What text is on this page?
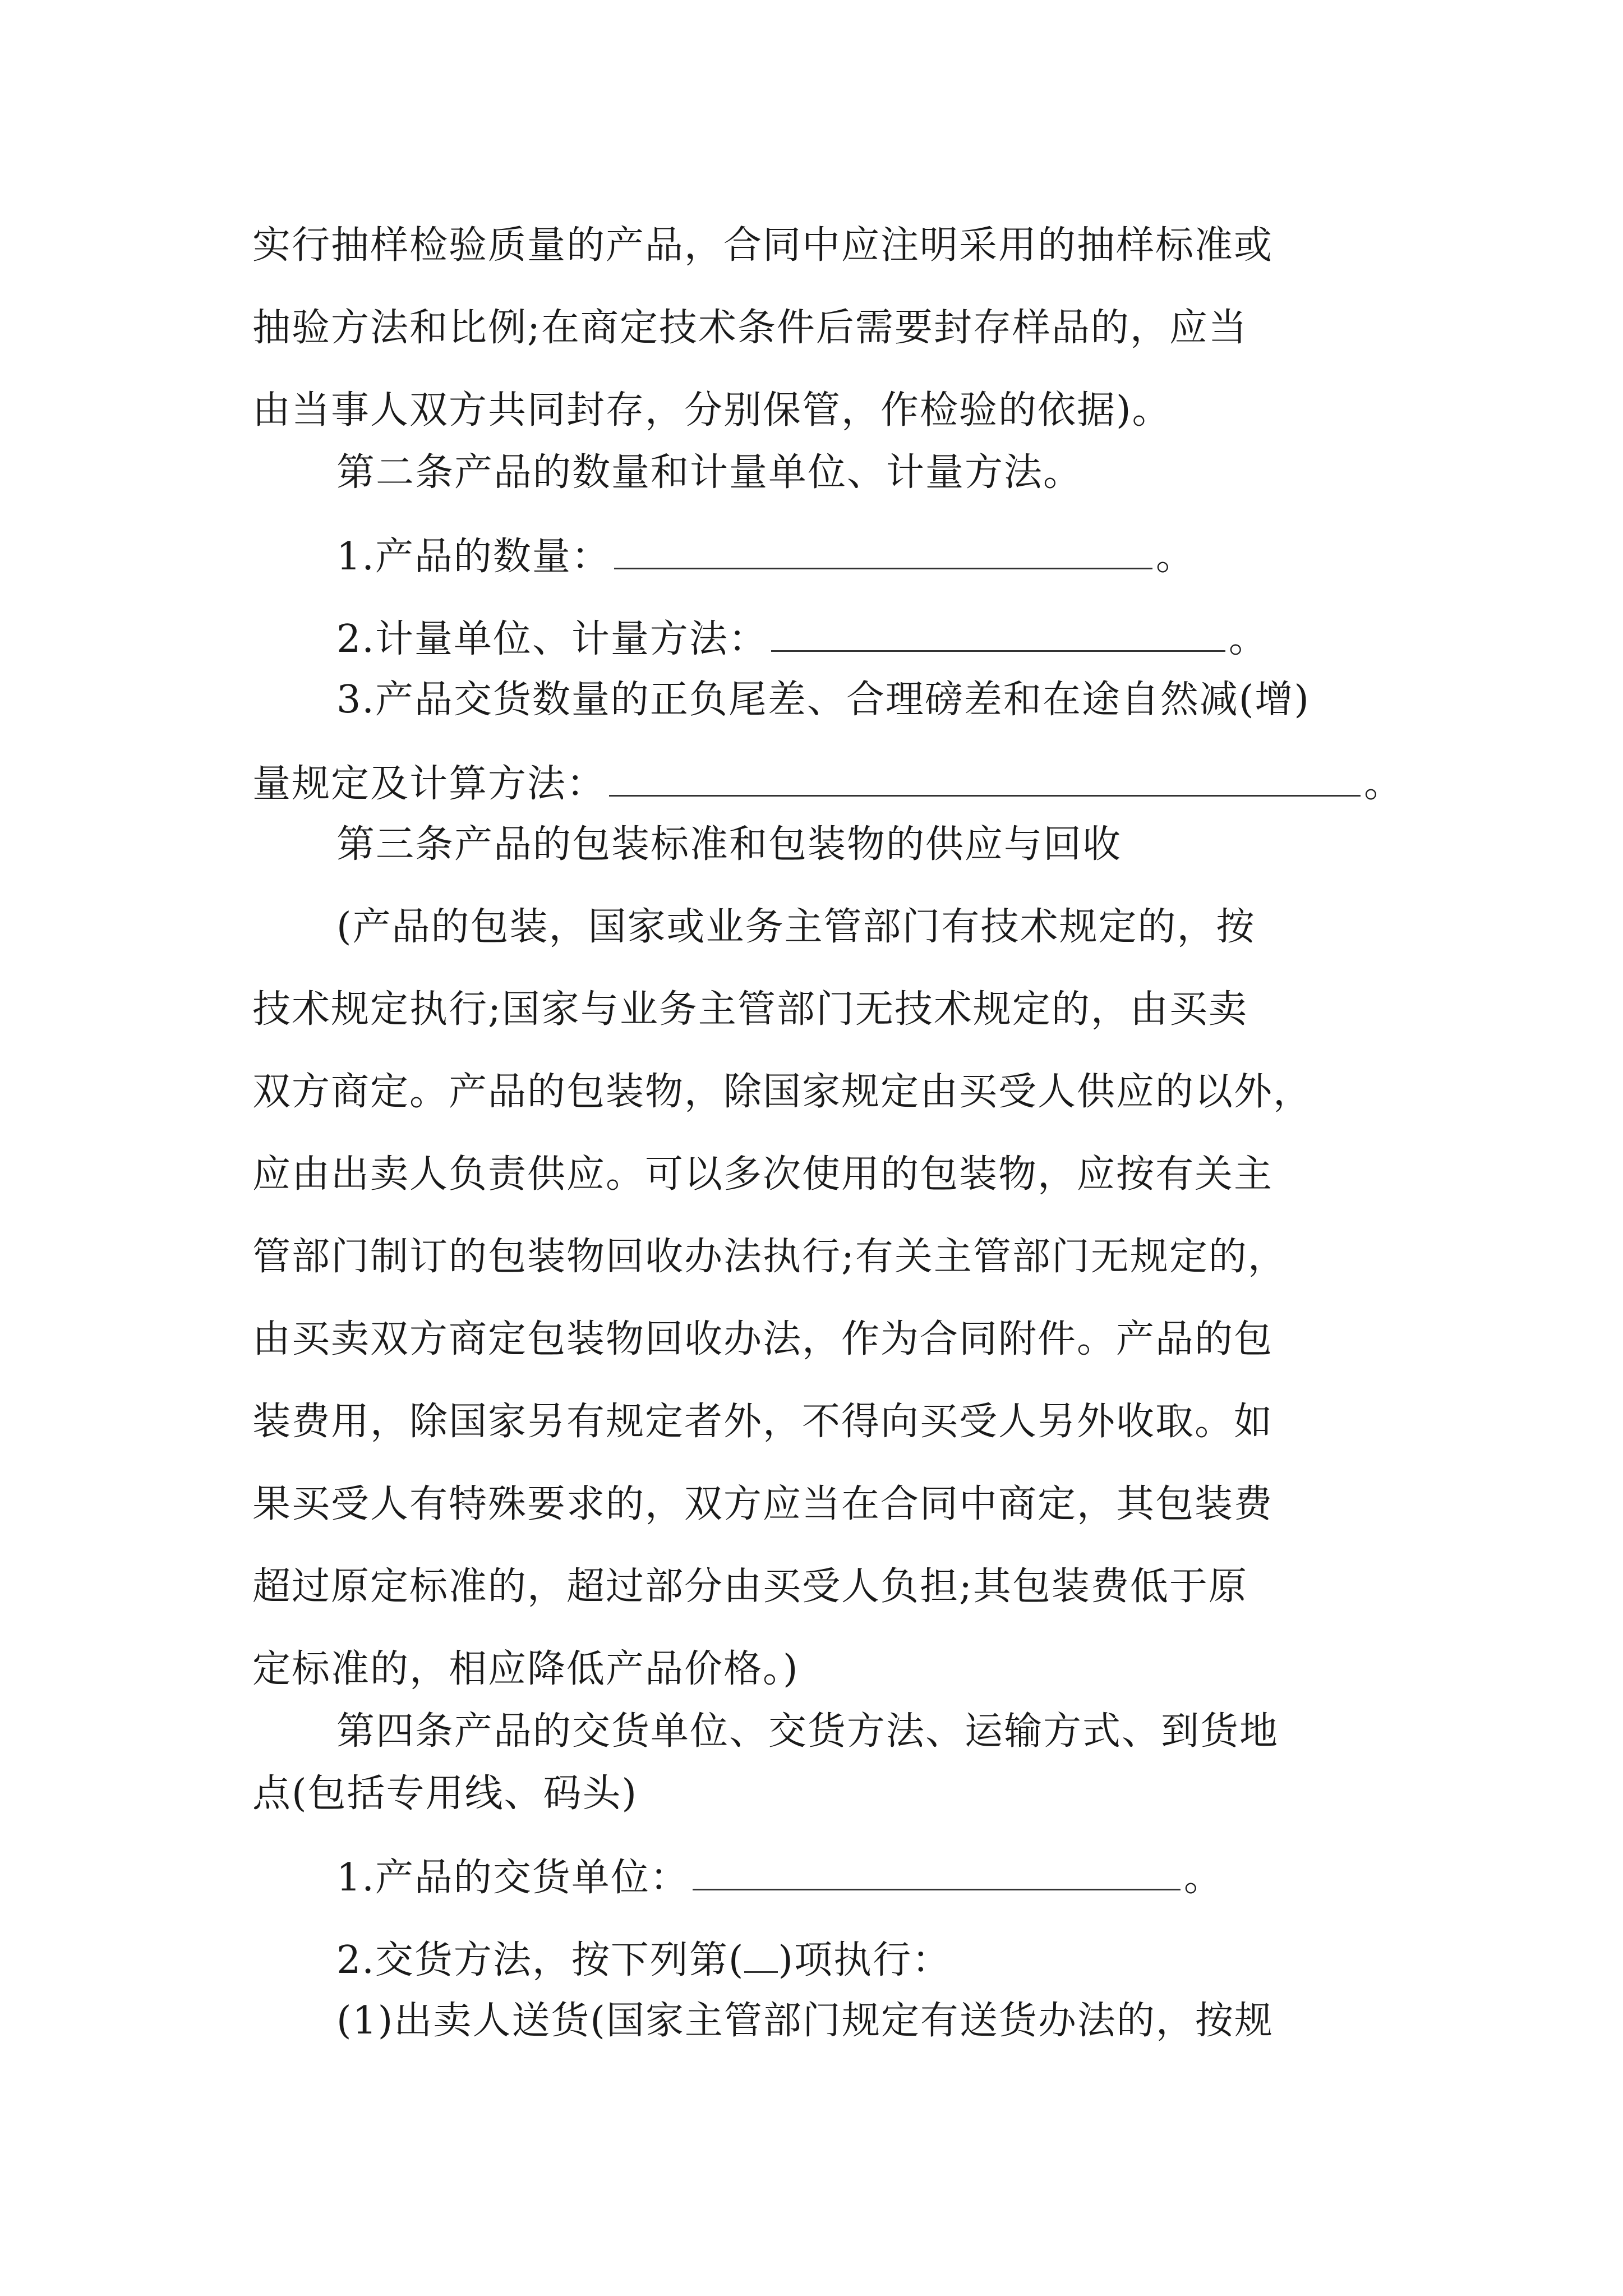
实行抽样检验质量的产品，合同中应注明采用的抽样标准或
抽验方法和比例;在商定技术条件后需要封存样品的，应当
由当事人双方共同封存，分别保管，作检验的依据)。
第二条产品的数量和计量单位、计量方法。
1.产品的数量：	。
2.计量单位、计量方法：	。
3.产品交货数量的正负尾差、合理磅差和在途自然减(增)
量规定及计算方法：	。
第三条产品的包装标准和包装物的供应与回收
(产品的包装，国家或业务主管部门有技术规定的，按
技术规定执行;国家与业务主管部门无技术规定的，由买卖
双方商定。产品的包装物，除国家规定由买受人供应的以外，
应由出卖人负责供应。可以多次使用的包装物，应按有关主
管部门制订的包装物回收办法执行;有关主管部门无规定的，
由买卖双方商定包装物回收办法，作为合同附件。产品的包
装费用，除国家另有规定者外，不得向买受人另外收取。如
果买受人有特殊要求的，双方应当在合同中商定，其包装费
超过原定标准的，超过部分由买受人负担;其包装费低于原
定标准的，相应降低产品价格。)
第四条产品的交货单位、交货方法、运输方式、到货地
点(包括专用线、码头)
1.产品的交货单位：	。
2.交货方法，按下列第( )项执行：
(1)出卖人送货(国家主管部门规定有送货办法的，按规
